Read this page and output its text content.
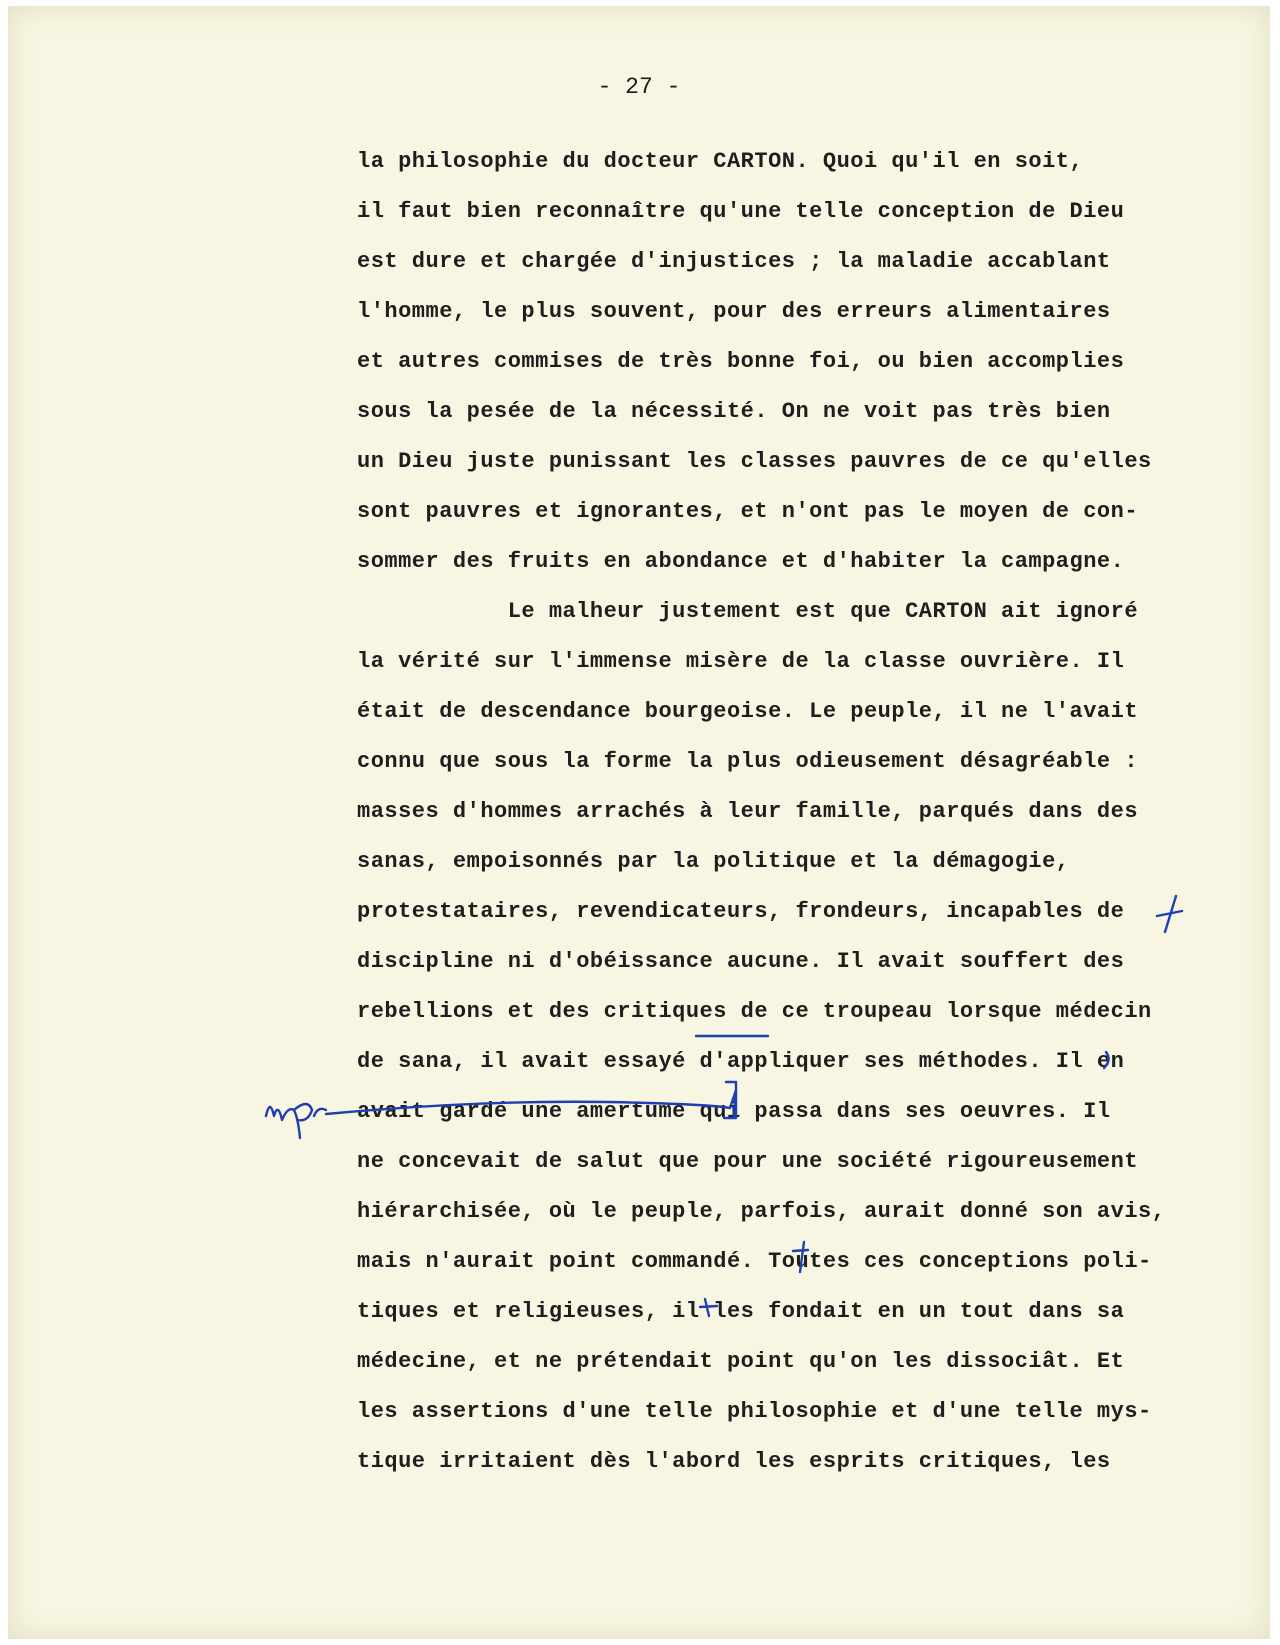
- 27 -
la philosophie du docteur CARTON. Quoi qu'il en soit,
il faut bien reconnaître qu'une telle conception de Dieu
est dure et chargée d'injustices ; la maladie accablant
l'homme, le plus souvent, pour des erreurs alimentaires
et autres commises de très bonne foi, ou bien accomplies
sous la pesée de la nécessité. On ne voit pas très bien
un Dieu juste punissant les classes pauvres de ce qu'elles
sont pauvres et ignorantes, et n'ont pas le moyen de con-
sommer des fruits en abondance et d'habiter la campagne.
Le malheur justement est que CARTON ait ignoré
la vérité sur l'immense misère de la classe ouvrière. Il
était de descendance bourgeoise. Le peuple, il ne l'avait
connu que sous la forme la plus odieusement désagréable :
masses d'hommes arrachés à leur famille, parqués dans des
sanas, empoisonnés par la politique et la démagogie,
protestataires, revendicateurs, frondeurs, incapables de
discipline ni d'obéissance aucune. Il avait souffert des
rebellions et des critiques de ce troupeau lorsque médecin
de sana, il avait essayé d'appliquer ses méthodes. Il en
avait gardé une amertume qui passa dans ses oeuvres. Il
ne concevait de salut que pour une société rigoureusement
hiérarchisée, où le peuple, parfois, aurait donné son avis,
mais n'aurait point commandé. Toutes ces conceptions poli-
tiques et religieuses, il les fondait en un tout dans sa
médecine, et ne prétendait point qu'on les dissociât. Et
les assertions d'une telle philosophie et d'une telle mys-
tique irritaient dès l'abord les esprits critiques, les
